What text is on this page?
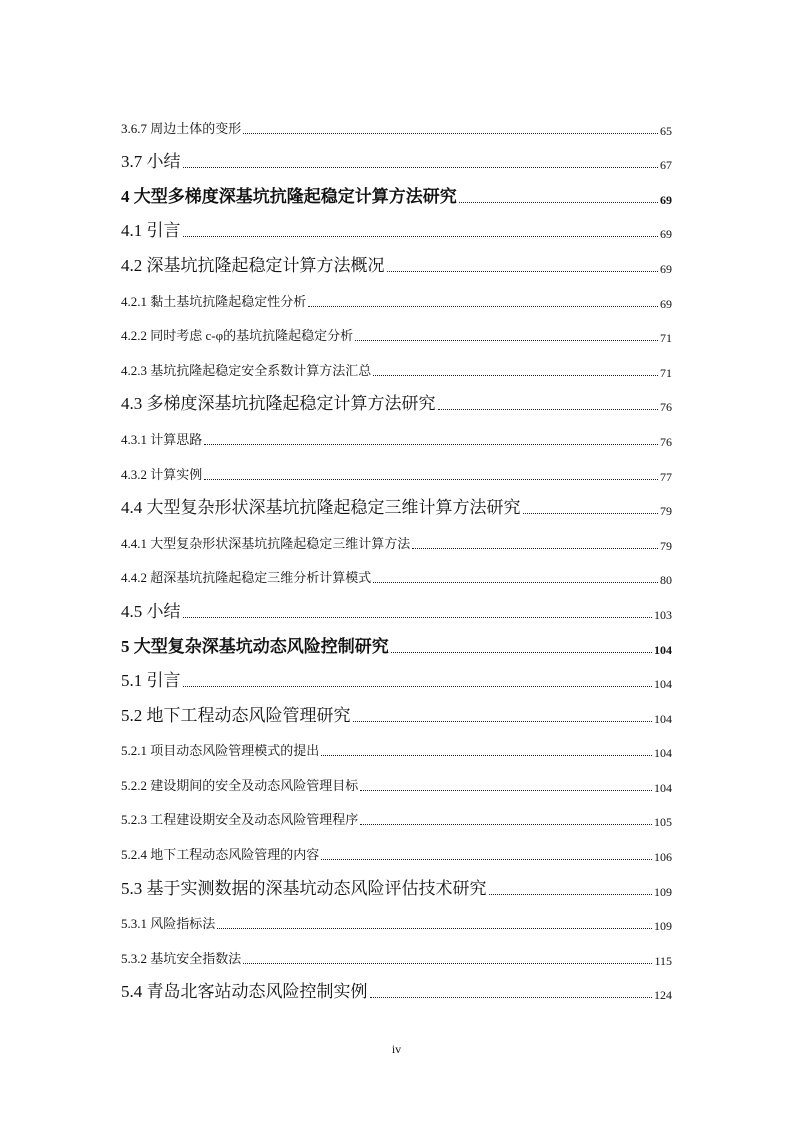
3.6.7 周边土体的变形	65
3.7 小结	67
4 大型多梯度深基坑抗隆起稳定计算方法研究	69
4.1 引言	69
4.2 深基坑抗隆起稳定计算方法概况	69
4.2.1 黏土基坑抗隆起稳定性分析	69
4.2.2 同时考虑 c-φ的基坑抗隆起稳定分析	71
4.2.3 基坑抗隆起稳定安全系数计算方法汇总	71
4.3 多梯度深基坑抗隆起稳定计算方法研究	76
4.3.1 计算思路	76
4.3.2 计算实例	77
4.4 大型复杂形状深基坑抗隆起稳定三维计算方法研究	79
4.4.1 大型复杂形状深基坑抗隆起稳定三维计算方法	79
4.4.2 超深基坑抗隆起稳定三维分析计算模式	80
4.5 小结	103
5 大型复杂深基坑动态风险控制研究	104
5.1 引言	104
5.2 地下工程动态风险管理研究	104
5.2.1 项目动态风险管理模式的提出	104
5.2.2 建设期间的安全及动态风险管理目标	104
5.2.3 工程建设期安全及动态风险管理程序	105
5.2.4 地下工程动态风险管理的内容	106
5.3 基于实测数据的深基坑动态风险评估技术研究	109
5.3.1 风险指标法	109
5.3.2 基坑安全指数法	115
5.4 青岛北客站动态风险控制实例	124
iv
